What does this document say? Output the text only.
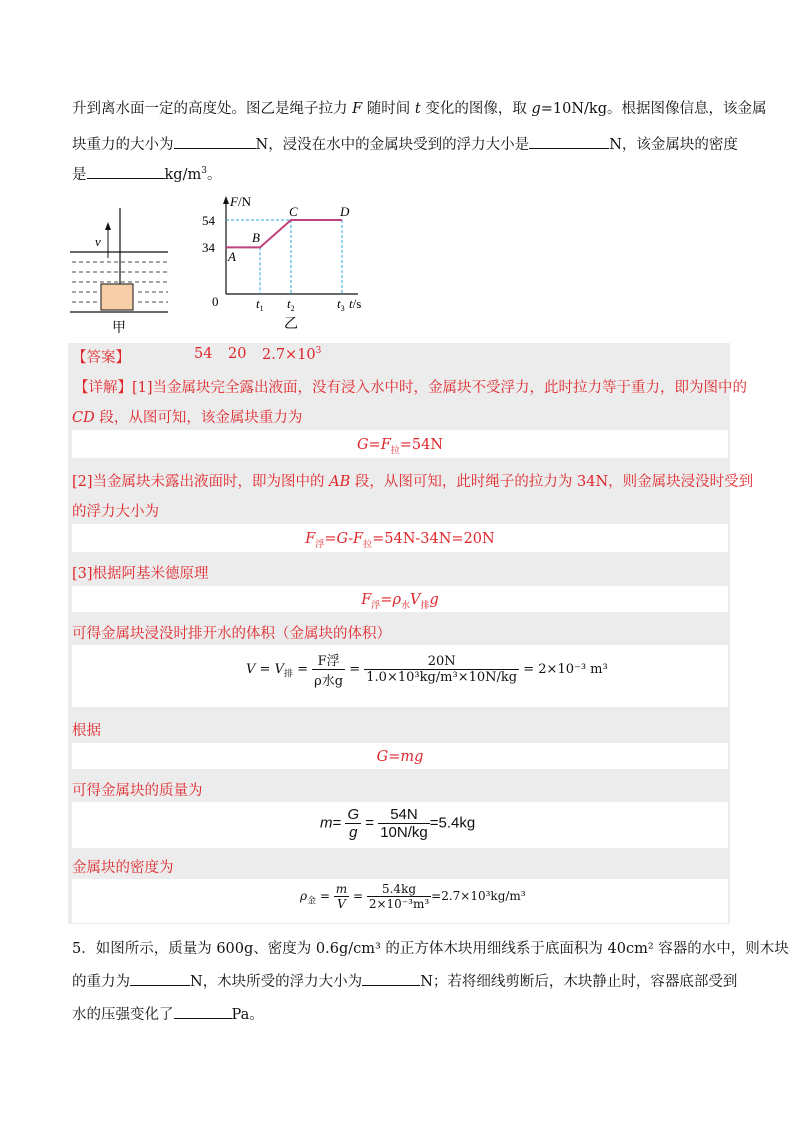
升到离水面一定的高度处。图乙是绳子拉力 F 随时间 t 变化的图像，取 g=10N/kg。根据图像信息，该金属
块重力的大小为	N，浸没在水中的金属块受到的浮力大小是	N，该金属块的密度
是	$kg/m^3$。
v
甲
F/N
54
34
0
A
B
C	D
$t_1$ $t_2$	$t_3$ t/s
乙
【答案】	54 20 $2.7\times 10^3$
【详解】[1]当金属块完全露出液面，没有浸入水中时，金属块不受浮力，此时拉力等于重力，即为图中的
CD 段，从图可知，该金属块重力为
$G=F_拉=54N$
[2]当金属块未露出液面时，即为图中的 AB 段，从图可知，此时绳子的拉力为 34N，则金属块浸没时受到
的浮力大小为
$F_浮=G-F_拉=54N-34N=20N$
[3]根据阿基米德原理
$F_浮=\rho_水V_排g$
可得金属块浸没时排开水的体积（金属块的体积）
$V = V_排 = \frac{\text{F浮}}{\text{ρ水g}} = \frac{20N}{\text{1.0×10³kg/m³×10N/kg}} = 2\times 10^{-3}$ m³
根据
G=mg
可得金属块的质量为
$m= \frac{G}{g} = \frac{54N}{10N/kg} =5.4kg$
金属块的密度为
$\rho_金 = \frac{m}{V} = \frac{5.4kg}{\text{2×10⁻³m³}} =2.7\times 10^3kg/m^3$
5．如图所示，质量为 600g、密度为 0.6g/cm³ 的正方体木块用细线系于底面积为 40cm² 容器的水中，则木块
的重力为	N，木块所受的浮力大小为	N；若将细线剪断后，木块静止时，容器底部受到
水的压强变化了	Pa。
